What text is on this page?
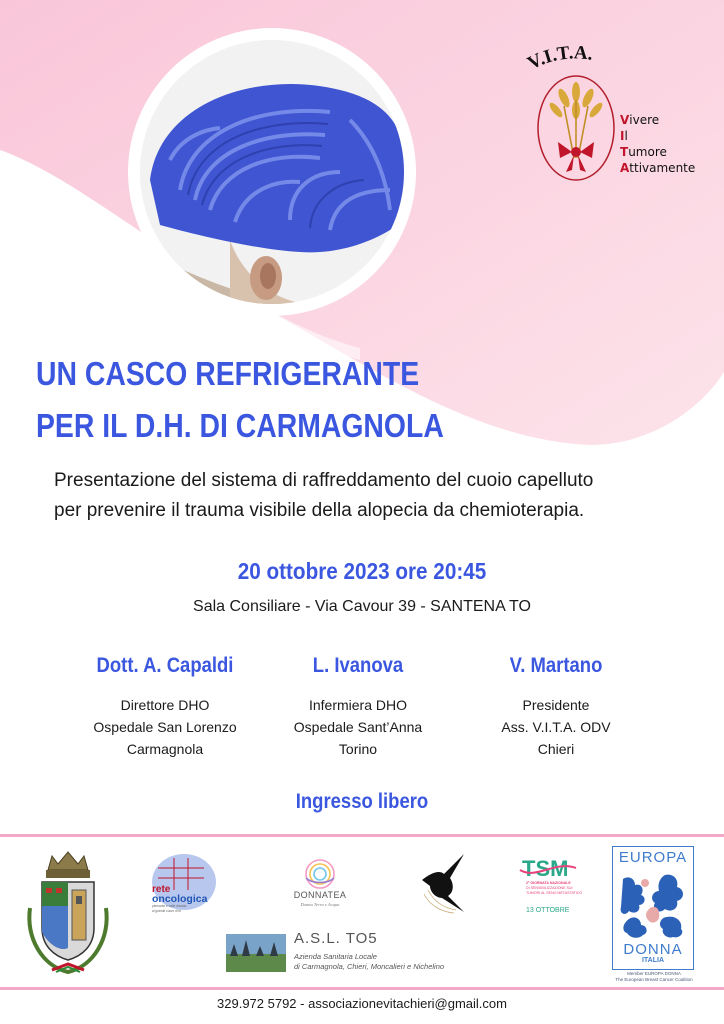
V.I.T.A.
Vivere
Il
Tumore
Attivamente
UN CASCO REFRIGERANTE
PER IL D.H. DI CARMAGNOLA

Presentazione del sistema di raffreddamento del cuoio capelluto
per prevenire il trauma visibile della alopecia da chemioterapia.

20 ottobre 2023 ore 20:45
Sala Consiliare - Via Cavour 39 - SANTENA TO
Dott. A. Capaldi
Direttore DHO
Ospedale San Lorenzo
Carmagnola
L. Ivanova
Infermiera DHO
Ospedale Sant’Anna
Torino
V. Martano
Presidente
Ass. V.I.T.A. ODV
Chieri
Ingresso libero
rete
oncologica
piemonte e valle d'aosta
al grande cuore di te
DONNATEA
Donna Terra e Acqua
TSM
2ª GIORNATA NAZIONALE
DI SENSIBILIZZAZIONE SUI
TUMORI AL SENO METASTATICO
13 OTTOBRE
A.S.L. TO5
Azienda Sanitaria Locale
di Carmagnola, Chieri, Moncalieri e Nichelino
EUROPA
DONNA
ITALIA
Member EUROPA DONNA
The European Breast Cancer Coalition
329.972 5792 - associazionevitachieri@gmail.com
